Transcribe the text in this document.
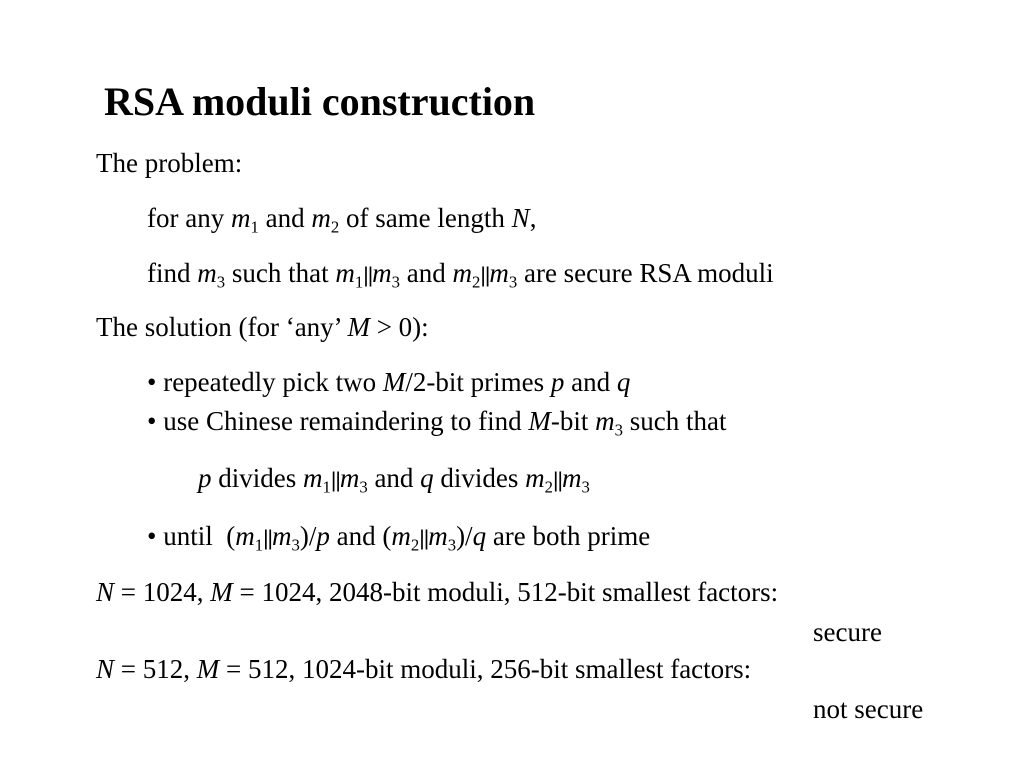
RSA moduli construction
The problem:
for any $m_1$ and $m_2$ of same length N,
find $m_3$ such that $m_1||m_3$ and $m_2||m_3$ are secure RSA moduli
The solution (for ‘any’ M > 0):
• repeatedly pick two M/2-bit primes p and q
• use Chinese remaindering to find M-bit $m_3$ such that
p divides $m_1||m_3$ and q divides $m_2||m_3$
• until  $(m_1||m_3)/p$ and $(m_2||m_3)/q$ are both prime
N = 1024, M = 1024, 2048-bit moduli, 512-bit smallest factors:
secure
N = 512, M = 512, 1024-bit moduli, 256-bit smallest factors:
not secure
